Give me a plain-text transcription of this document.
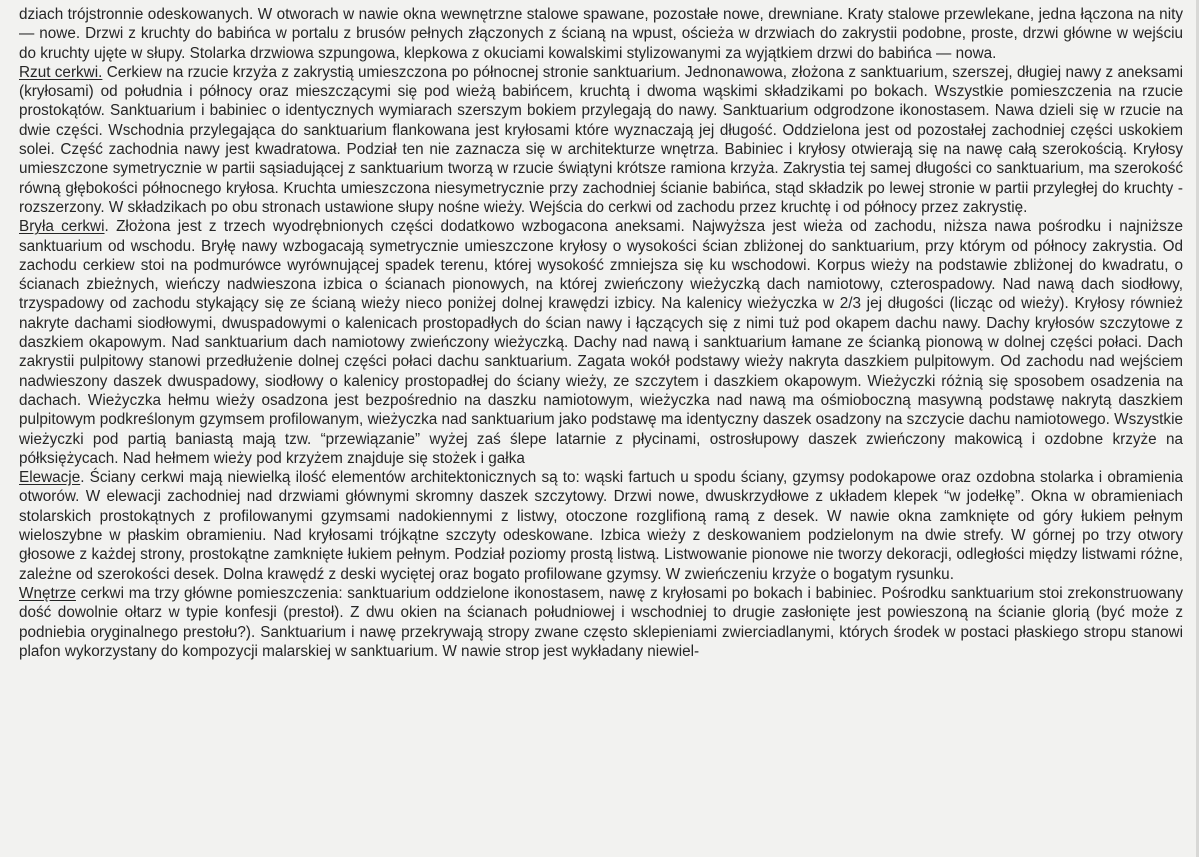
dziach trójstronnie odeskowanych. W otworach w nawie okna wewnętrzne stalowe spawane, pozostałe nowe, drewniane. Kraty stalowe przewlekane, jedna łączona na nity — nowe. Drzwi z kruchty do babińca w portalu z brusów pełnych złączonych z ścianą na wpust, ościeża w drzwiach do zakrystii podobne, proste, drzwi główne w wejściu do kruchty ujęte w słupy. Stolarka drzwiowa szpungowa, klepkowa z okuciami kowalskimi stylizowanymi za wyjątkiem drzwi do babińca — nowa.

Rzut cerkwi. Cerkiew na rzucie krzyża z zakrystią umieszczona po północnej stronie sanktuarium. Jednonawowa, złożona z sanktuarium, szerszej, długiej nawy z aneksami (kryłosami) od południa i północy oraz mieszczącymi się pod wieżą babińcem, kruchtą i dwoma wąskimi składzikami po bokach. Wszystkie pomieszczenia na rzucie prostokątów. Sanktuarium i babiniec o identycznych wymiarach szerszym bokiem przylegają do nawy. Sanktuarium odgrodzone ikonostasem. Nawa dzieli się w rzucie na dwie części. Wschodnia przylegająca do sanktuarium flankowana jest kryłosami które wyznaczają jej długość. Oddzielona jest od pozostałej zachodniej części uskokiem solei. Część zachodnia nawy jest kwadratowa. Podział ten nie zaznacza się w architekturze wnętrza. Babiniec i kryłosy otwierają się na nawę całą szerokością. Kryłosy umieszczone symetrycznie w partii sąsiadującej z sanktuarium tworzą w rzucie świątyni krótsze ramiona krzyża. Zakrystia tej samej długości co sanktuarium, ma szerokość równą głębokości północnego kryłosa. Kruchta umieszczona niesymetrycznie przy zachodniej ścianie babińca, stąd składzik po lewej stronie w partii przyległej do kruchty - rozszerzony. W składzikach po obu stronach ustawione słupy nośne wieży. Wejścia do cerkwi od zachodu przez kruchtę i od północy przez zakrystię.

Bryła cerkwi. Złożona jest z trzech wyodrębnionych części dodatkowo wzbogacona aneksami. Najwyższa jest wieża od zachodu, niższa nawa pośrodku i najniższe sanktuarium od wschodu. Bryłę nawy wzbogacają symetrycznie umieszczone kryłosy o wysokości ścian zbliżonej do sanktuarium, przy którym od północy zakrystia. Od zachodu cerkiew stoi na podmurówce wyrównującej spadek terenu, której wysokość zmniejsza się ku wschodowi. Korpus wieży na podstawie zbliżonej do kwadratu, o ścianach zbieżnych, wieńczy nadwieszona izbica o ścianach pionowych, na której zwieńczony wieżyczką dach namiotowy, czterospadowy. Nad nawą dach siodłowy, trzyspadowy od zachodu stykający się ze ścianą wieży nieco poniżej dolnej krawędzi izbicy. Na kalenicy wieżyczka w 2/3 jej długości (licząc od wieży). Kryłosy również nakryte dachami siodłowymi, dwuspadowymi o kalenicach prostopadłych do ścian nawy i łączących się z nimi tuż pod okapem dachu nawy. Dachy kryłosów szczytowe z daszkiem okapowym. Nad sanktuarium dach namiotowy zwieńczony wieżyczką. Dachy nad nawą i sanktuarium łamane ze ścianką pionową w dolnej części połaci. Dach zakrystii pulpitowy stanowi przedłużenie dolnej części połaci dachu sanktuarium. Zagata wokół podstawy wieży nakryta daszkiem pulpitowym. Od zachodu nad wejściem nadwieszony daszek dwuspadowy, siodłowy o kalenicy prostopadłej do ściany wieży, ze szczytem i daszkiem okapowym. Wieżyczki różnią się sposobem osadzenia na dachach. Wieżyczka hełmu wieży osadzona jest bezpośrednio na daszku namiotowym, wieżyczka nad nawą ma ośmioboczną masywną podstawę nakrytą daszkiem pulpitowym podkreślonym gzymsem profilowanym, wieżyczka nad sanktuarium jako podstawę ma identyczny daszek osadzony na szczycie dachu namiotowego. Wszystkie wieżyczki pod partią baniastą mają tzw. “przewiązanie” wyżej zaś ślepe latarnie z płycinami, ostrosłupowy daszek zwieńczony makowicą i ozdobne krzyże na półksiężycach. Nad hełmem wieży pod krzyżem znajduje się stożek i gałka

Elewacje. Ściany cerkwi mają niewielką ilość elementów architektonicznych są to: wąski fartuch u spodu ściany, gzymsy podokapowe oraz ozdobna stolarka i obramienia otworów. W elewacji zachodniej nad drzwiami głównymi skromny daszek szczytowy. Drzwi nowe, dwuskrzydłowe z układem klepek “w jodełkę”. Okna w obramieniach stolarskich prostokątnych z profilowanymi gzymsami nadokiennymi z listwy, otoczone rozglifioną ramą z desek. W nawie okna zamknięte od góry łukiem pełnym wieloszybne w płaskim obramieniu. Nad kryłosami trójkątne szczyty odeskowane. Izbica wieży z deskowaniem podzielonym na dwie strefy. W górnej po trzy otwory głosowe z każdej strony, prostokątne zamknięte łukiem pełnym. Podział poziomy prostą listwą. Listwowanie pionowe nie tworzy dekoracji, odległości między listwami różne, zależne od szerokości desek. Dolna krawędź z deski wyciętej oraz bogato profilowane gzymsy. W zwieńczeniu krzyże o bogatym rysunku.

Wnętrze cerkwi ma trzy główne pomieszczenia: sanktuarium oddzielone ikonostasem, nawę z kryłosami po bokach i babiniec. Pośrodku sanktuarium stoi zrekonstruowany dość dowolnie ołtarz w typie konfesji (prestoł). Z dwu okien na ścianach południowej i wschodniej to drugie zasłonięte jest powieszoną na ścianie glorią (być może z podniebia oryginalnego prestołu?). Sanktuarium i nawę przekrywają stropy zwane często sklepieniami zwierciadlanymi, których środek w postaci płaskiego stropu stanowi plafon wykorzystany do kompozycji malarskiej w sanktuarium. W nawie strop jest wykładany niewiel-
